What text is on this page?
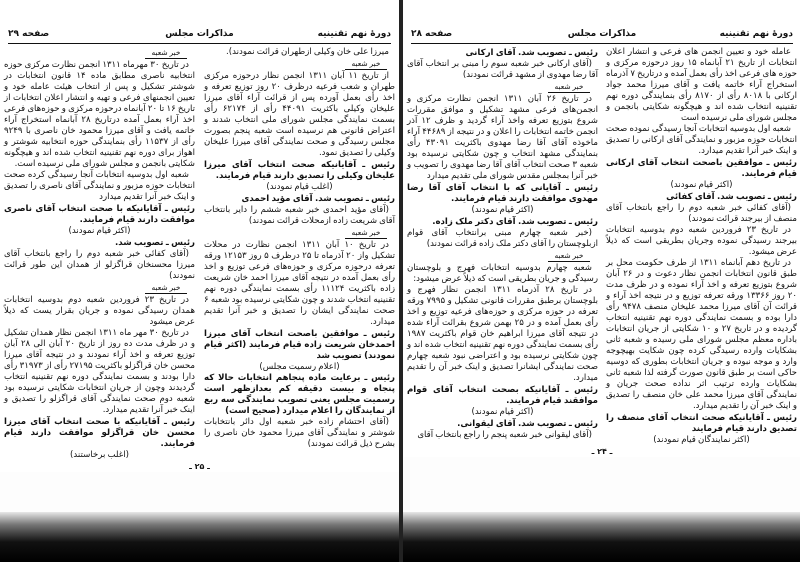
دورهٔ نهم تقنینیه
مذاکرات مجلس
صفحه ۲۹
میرزا علی خان وکیلی ازطهران قرائت نمودند).
خبر شعبه
از تاریخ ۱۱ آبان ۱۳۱۱ انجمن نظار درحوزه مرکزی طهران و شعب فرعیه درظرف ۲۰ روز توزیع تعرفه و اخذ رأی بعمل آورده پس از قرائت آراء آقای میرزا علیخان وکیلی باکثریت ۴۴۰۹۱ رأی از ۶۲۱۷۴ رأی بسمت نمایندگی مجلس شورای ملی انتخاب شدند و اعتراض قانونی هم نرسیده است شعبه پنجم بصورت مجلس رسیدگی و صحت نمایندگی آقای میرزا علیخان وکیلی را تصدیق نمود.
رئیس ـ آقایانیکه صحت انتخاب آقای میرزا علیخان وکیلی را تصدیق دارند قیام فرمایند.
(اغلب قیام نمودند)
رئیس ـ تصویب شد. آقای مؤید احمدی
(آقای مؤید احمدی خبر شعبه ششم را دایر بانتخاب آقای شریعت زاده ازمحلات قرائت نمودند)
خبر شعبه
در تاریخ ۱۰ آبان ۱۳۱۱ انجمن نظارت در محلات تشکیل واز ۲۰ آذرماه تا ۲۵ درظرف ۵ روز ۱۲۱۵۳ ورقه تعرفه درحوزه مرکزی و حوزه‌های فرعی توزیع و اخذ رأی بعمل آمده در نتیجه آقای میرزا احمد خان شریعت زاده باکثریت ۱۱۱۲۴ رأی بسمت نمایندگی دوره نهم تقنینیه انتخاب شدند و چون شکایتی نرسیده بود شعبه ۶ صحت نمایندگی ایشان را تصدیق و خبر آنرا تقدیم میدارد.
رئیس ـ موافقین باصحت انتخاب آقای میرزا احمدخان شریعت زاده قیام فرمایند (اکثر قیام نمودند) تصویب شد
(اعلام رسمیت مجلس)
رئیس ـ برعایت ماده پنجاهم انتخابات حالا که پنجاه و بیست دقیقه کم بعدازظهر است رسمیت مجلس یعنی تصویب نمایندگی سه ربع از نمایندگان را اعلام میدارد (صحیح است)
(آقای احتشام زاده خبر شعبه اول دائر بانتخابات شوشتر و نمایندگی آقای میرزا محمود خان ناصری را بشرح ذیل قرائت نمودند)
خبر شعبه
در تاریخ ۳۰ مهرماه ۱۳۱۱ انجمن نظارت مرکزی حوزه انتخابیه ناصری مطابق ماده ۱۴ قانون انتخابات در شوشتر تشکیل و پس از انتخاب هیئت عامله خود و تعیین انجمنهای فرعی و تهیه و انتشار اعلان انتخابات از تاریخ ۱۶ تا ۲۰ آبانماه درحوزه مرکزی و حوزه‌های فرعی اخذ آراء بعمل آمده درتاریخ ۲۸ آبانماه استخراج آراء خاتمه یافت و آقای میرزا محمود خان ناصری با ۹۲۴۹ رأی از ۱۱۵۳۷ رأی بنمایندگی حوزه انتخابیه شوشتر و اهواز برای دوره نهم تقنینیه انتخاب شده اند و هیچگونه شکایتی بانجمن و مجلس شورای ملی نرسیده است.
شعبه اول بدوسیه انتخابات آنجا رسیدگی کرده صحت انتخابات حوزه مزبور و نمایندگی آقای ناصری را تصدیق و اینک خبر آنرا تقدیم میدارد
رئیس ـ آقایانیکه با صحت انتخاب آقای ناصری موافقت دارند قیام فرمایند.
(اکثر قیام نمودند)
رئیس ـ تصویب شد.
(آقای کفائی خبر شعبه دوم را راجع بانتخاب آقای میرزا محسنخان قراگزلو از همدان این طور قرائت نمودند)
خبر شعبه
در تاریخ ۲۳ فروردین شعبه دوم بدوسیه انتخابات همدان رسیدگی نموده و جریان بقرار یست که ذیلاً عرض میشود
در تاریخ ۳۰ مهر ماه ۱۳۱۱ انجمن نظار همدان تشکیل و در ظرف مدت ده روز از تاریخ ۲۰ آبان الی ۲۸ آبان توزیع تعرفه و اخذ آراء نمودند و در نتیجه آقای میرزا محسن خان قراگزلو باکثریت ۲۷۱۹۵ رأی از ۳۱۹۷۳ رأی دارا بودند و بسمت نمایندگی دوره نهم تقنینیه انتخاب گردیدند وچون از جریان انتخابات شکایتی نرسیده بود شعبه دوم صحت نمایندگی آقای قراگزلو را تصدیق و اینک خبر آنرا تقدیم میدارد.
رئیس ـ آقایانیکه با صحت انتخاب آقای میرزا محسن خان قراگزلو موافقت دارند قیام فرمایند.
(اغلب برخاستند)
ـ ۲۵ ـ
دورهٔ نهم تقنینیه
مذاکرات مجلس
صفحه ۲۸
عامله خود و تعیین انجمن های فرعی و انتشار اعلان انتخابات از تاریخ ۲۱ آبانماه ۱۵ روز درحوزه مرکزی و حوزه های فرعی اخذ رأی بعمل آمده و درتاریخ ۷ آذرماه استخراج آراء خاتمه یافت و آقای میرزا محمد جواد ارکانی با ۸۰۱۸ رأی از ۸۱۷۰ رأی بنمایندگی دوره نهم تقنینیه انتخاب شده اند و هیچگونه شکایتی بانجمن و مجلس شورای ملی نرسیده است
شعبه اول بدوسیه انتخابات آنجا رسیدگی نموده صحت انتخابات حوزه مزبور و نمایندگی آقای ارکانی را تصدیق و اینک خبر آنرا تقدیم میدارد.
رئیس ـ موافقین باصحت انتخاب آقای ارکانی قیام فرمایند.
(اکثر قیام نمودند)
رئیس ـ تصویب شد. آقای کفائی
(آقای کفائی خبر شعبه دوم را راجع بانتخاب آقای منصف از بیرجند قرائت نمودند)
در تاریخ ۲۳ فروردین شعبه دوم بدوسیه انتخابات بیرجند رسیدگی نموده وجریان بطریقی است که ذیلاً عرض میشود.
در تاریخ دهم آبانماه ۱۳۱۱ از طرف حکومت محل بر طبق قانون انتخابات انجمن نظار دعوت و در ۲۶ آبان شروع بتوزیع تعرفه و اخذ آراء نموده و در ظرف مدت ۲۰ روز ۱۳۳۶۶ ورقه تعرفه توزیع و در نتیجه اخذ آراء و قرائت آن آقای میرزا محمد علیخان منصف ۹۴۷۸ رأی دارا بوده و بسمت نمایندگی دوره نهم تقنینیه انتخاب گردیده و در تاریخ ۲۷ و ۱۰ شکایتی از جریان انتخابات باداره معظم مجلس شورای ملی رسیده و شعبه ثانی بشکایات وارده رسیدگی کرده چون شکایت بهیچوجه وارد و موجه نبوده و جریان انتخابات بطوری که دوسیه حاکی است بر طبق قانون صورت گرفته لذا شعبه ثانی بشکایات وارده ترتیب اثر نداده صحت جریان و نمایندگی آقای میرزا محمد علی خان منصف را تصدیق و اینک خبر آن را تقدیم میدارد.
رئیس ـ آقایانیکه صحت انتخاب آقای منصف را تصدیق دارند قیام فرمایند
(اکثر نمایندگان قیام نمودند)
رئیس ـ تصویب شد. آقای ارکانی
(آقای ارکانی خبر شعبه سوم را مبنی بر انتخاب آقای آقا رضا مهدوی از مشهد قرائت نمودند)
خبر شعبه
در تاریخ ۲۶ آبان ۱۳۱۱ انجمن نظارت مرکزی و انجمن‌های فرعی مشهد تشکیل و موافق مقررات شروع بتوزیع تعرفه واخذ آراء گردید و ظرف ۱۲ آذر انجمن خاتمه انتخابات را اعلان و در نتیجه از ۴۴۶۸۹ آراء ماخوذه آقای آقا رضا مهدوی باکثریت ۴۳۰۹۱ رأی بنمایندگی مشهد انتخاب و چون شکایتی نرسیده بود شعبه ۳ صحت انتخاب آقای آقا رضا مهدوی را تصویب و خبر آنرا بمجلس مقدس شورای ملی تقدیم میدارد
رئیس ـ آقایانی که با انتخاب آقای آقا رضا مهدوی موافقت دارند قیام فرمایند.
(اکثر قیام نمودند)
رئیس ـ تصویب شد. آقای دکتر ملک زاده.
(خبر شعبه چهارم مبنی برانتخاب آقای قوام ازبلوچستان را آقای دکتر ملک زاده قرائت نمودند)
خبر شعبه
شعبه چهارم بدوسیه انتخابات فهرج و بلوچستان رسیدگی و جریان بطریقی است که ذیلاً عرض میشود:
در تاریخ ۲۸ آذرماه ۱۳۱۱ انجمن نظار فهرج و بلوچستان برطبق مقررات قانونی تشکیل و ۷۹۹۵ ورقه تعرفه در حوزه مرکزی و حوزه‌های فرعیه توزیع و اخذ رأی بعمل آمده و در ۲۵ بهمن شروع بقرائت آراء شده در نتیجه آقای میرزا ابراهیم خان قوام باکثریت ۱۹۸۷ رأی بسمت نمایندگی دوره نهم تقنینیه انتخاب شده اند و چون شکایتی نرسیده بود و اعتراضی نبود شعبه چهارم صحت نمایندگی ایشانرا تصدیق و اینک خبر آن را تقدیم میدارد.
رئیس ـ آقایانیکه بصحت انتخاب آقای قوام موافقند قیام فرمایند.
(اکثر قیام نمودند)
رئیس ـ تصویب شد. آقای لیقوانی.
(آقای لیقوانی خبر شعبه پنجم را راجع بانتخاب آقای
ـ ۲۴ ـ
